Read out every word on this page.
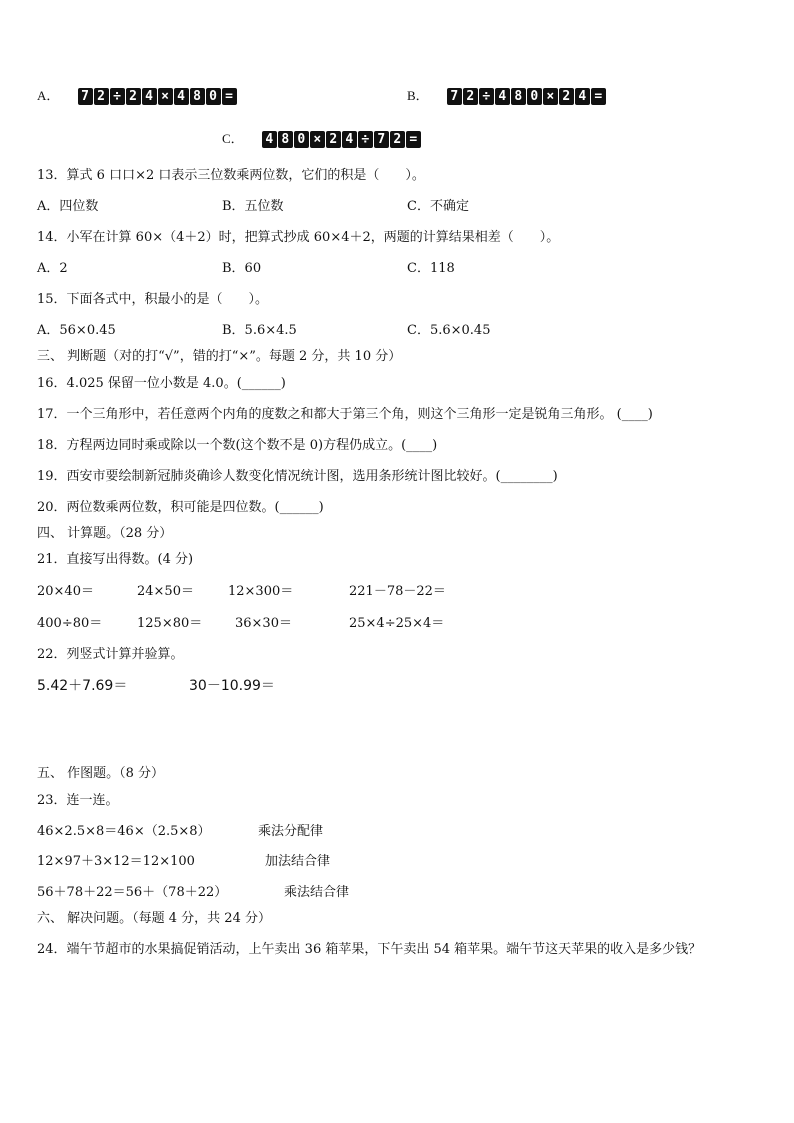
A． 7 2 ÷ 2 4 × 4 8 0 =	B． 7 2 ÷ 4 8 0 × 2 4 =
C． 4 8 0 × 2 4 ÷ 7 2 =
13．算式 6 口口×2 口表示三位数乘两位数，它们的积是（　　）。
A．四位数	B．五位数	C．不确定
14．小军在计算 60×（4＋2）时，把算式抄成 60×4＋2，两题的计算结果相差（　　）。
A．2	B．60	C．118
15．下面各式中，积最小的是（　　）。
A．56×0.45	B．5.6×4.5	C．5.6×0.45
三、 判断题（对的打“√”，错的打“×”。每题 2 分，共 10 分）
16．4.025 保留一位小数是 4.0。(______)
17．一个三角形中，若任意两个内角的度数之和都大于第三个角，则这个三角形一定是锐角三角形。 (____)
18．方程两边同时乘或除以一个数(这个数不是 0)方程仍成立。(____)
19．西安市要绘制新冠肺炎确诊人数变化情况统计图，选用条形统计图比较好。(________)
20．两位数乘两位数，积可能是四位数。(______)
四、 计算题。（28 分）
21．直接写出得数。(4 分)
20×40＝	24×50＝	12×300＝	221－78－22＝
400÷80＝	125×80＝	36×30＝	25×4÷25×4＝
22．列竖式计算并验算。
5.42＋7.69＝	30－10.99＝
五、 作图题。（8 分）
23．连一连。
46×2.5×8＝46×（2.5×8）	乘法分配律
12×97＋3×12＝12×100	加法结合律
56＋78＋22＝56＋（78＋22）	乘法结合律
六、 解决问题。（每题 4 分，共 24 分）
24．端午节超市的水果搞促销活动，上午卖出 36 箱苹果，下午卖出 54 箱苹果。端午节这天苹果的收入是多少钱？
